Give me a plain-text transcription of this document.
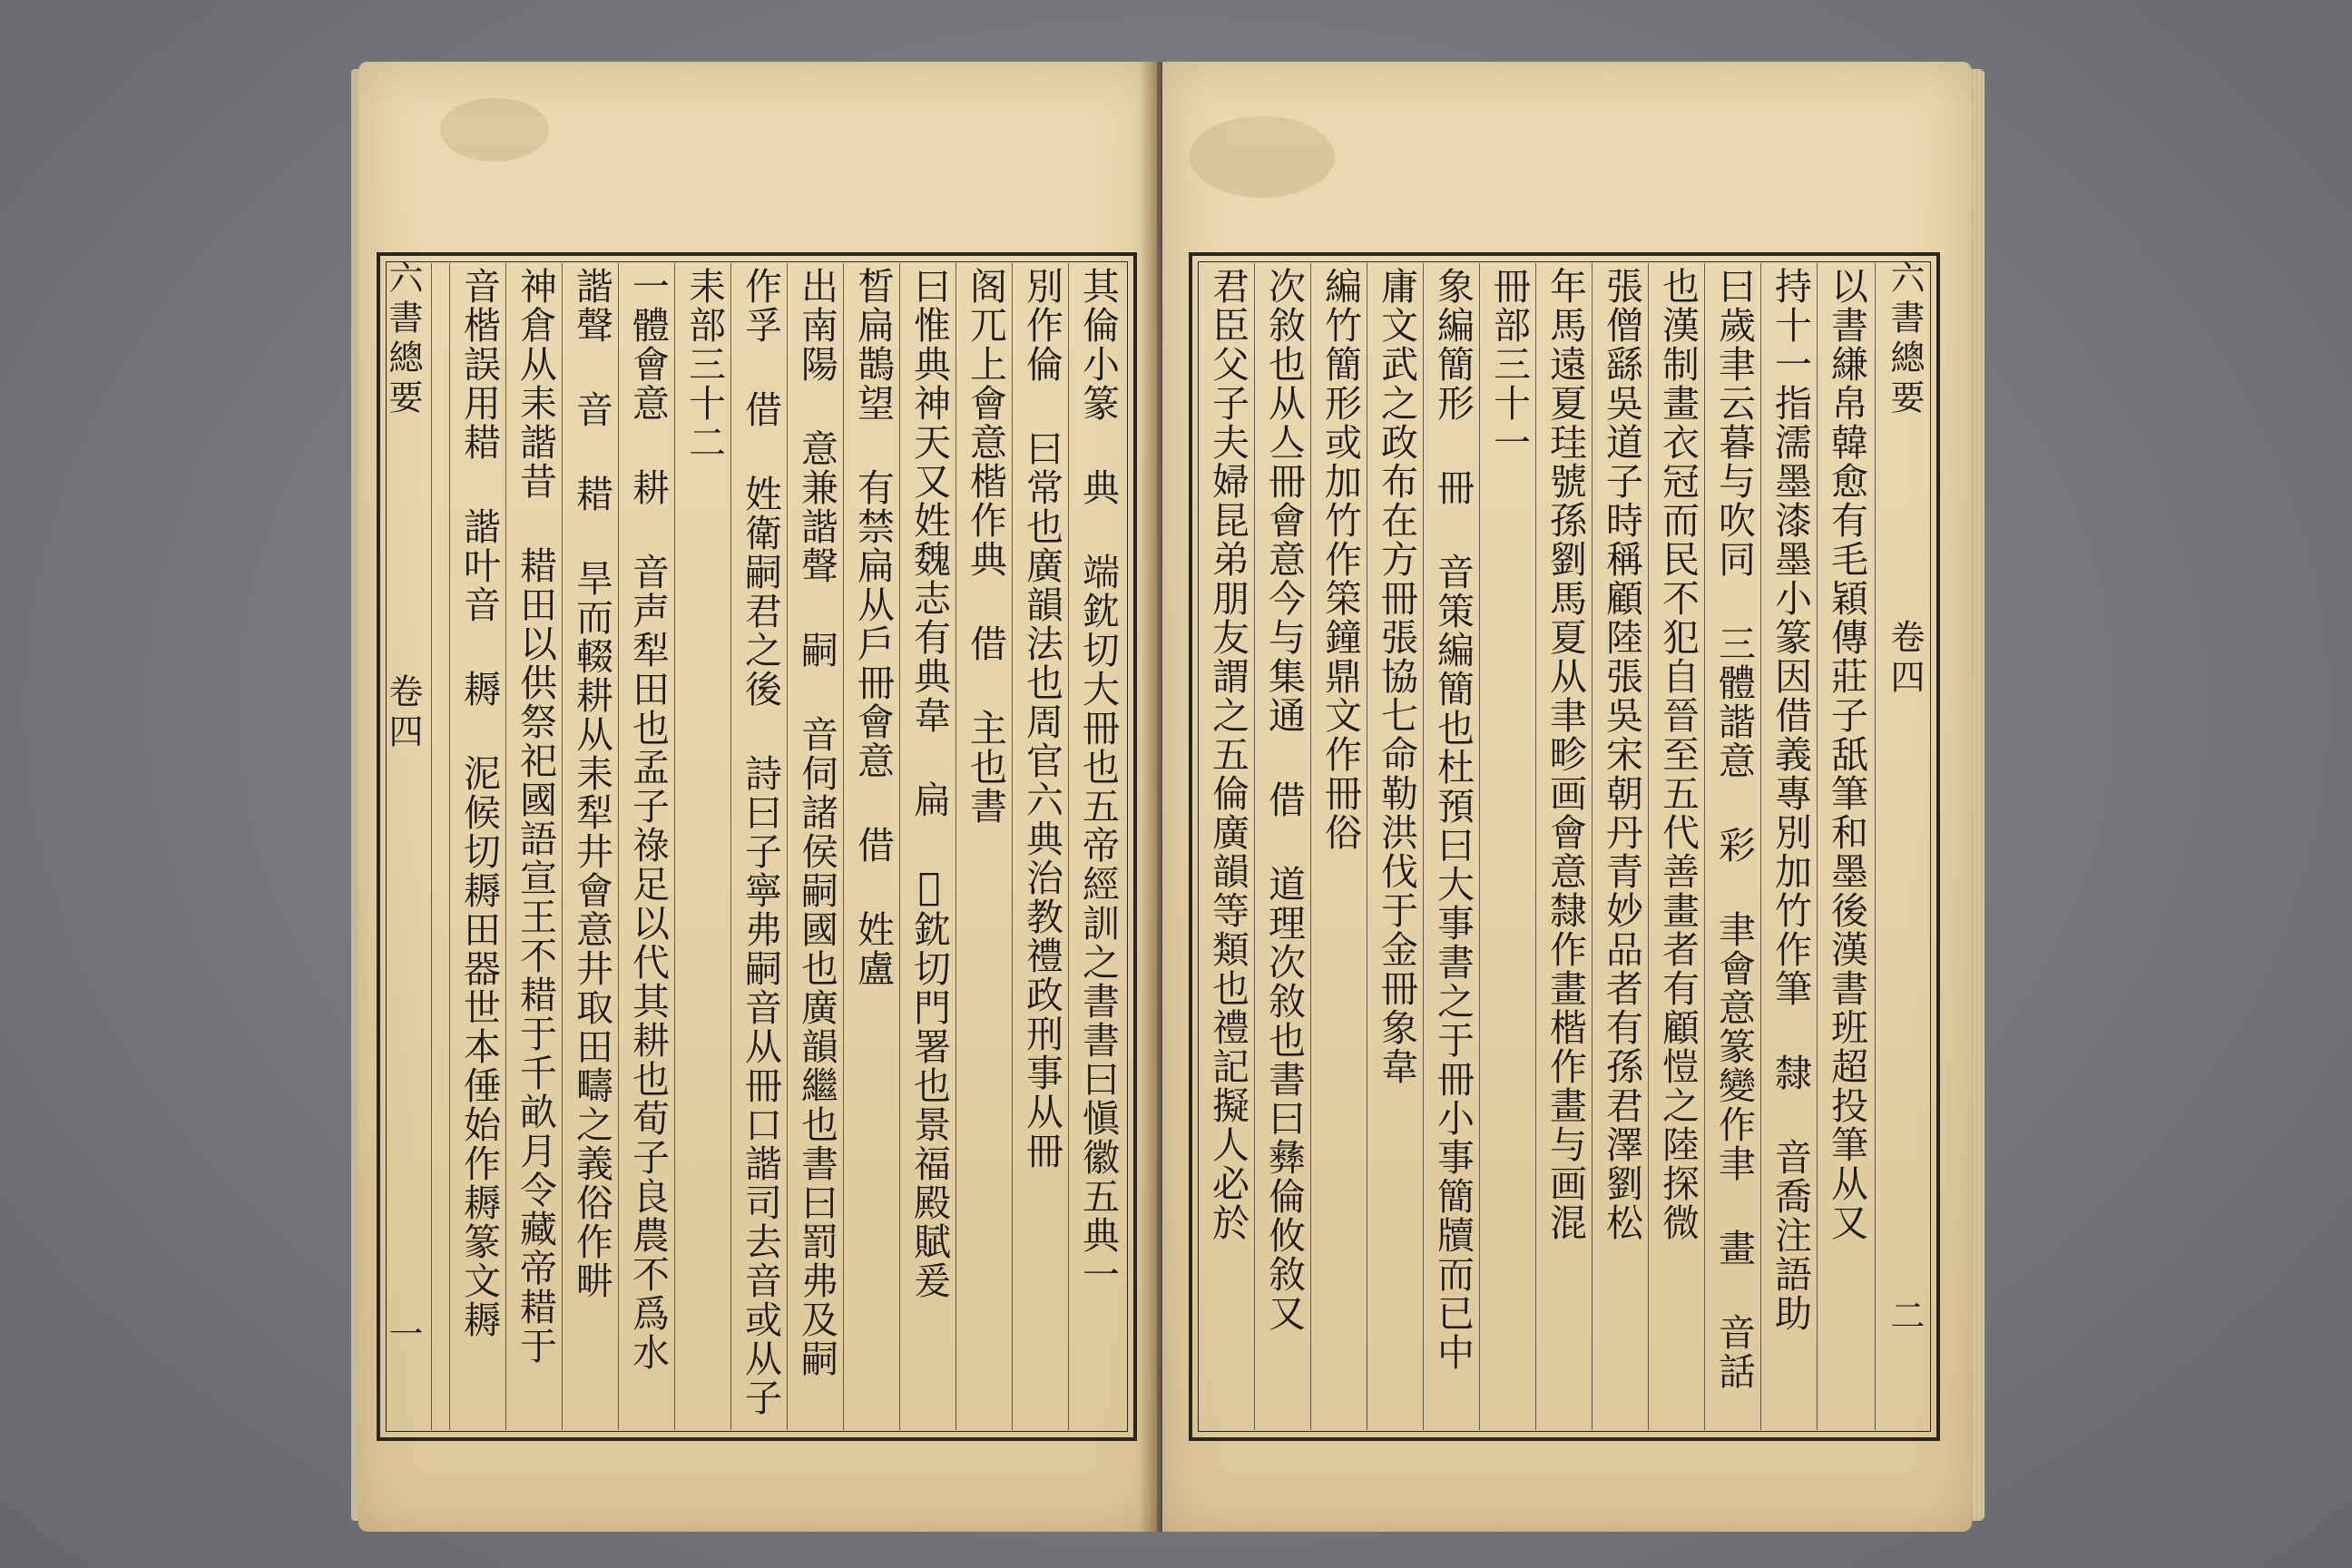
六書總要  卷四  一
其倫小篆 典 端鈂切大冊也五帝經訓之書書曰愼徽五典一
別作倫 曰常也廣韻法也周官六典治教禮政刑事从冊
阁兀上會意楷作典 借 主也書
曰惟典神天又姓魏志有典韋 扁 𢿍鈂切門署也景福殿賦爰
晳扁鵲望 有禁扁从戶冊會意 借 姓盧
出南陽 意兼諧聲 嗣 音伺諸侯嗣國也廣韻繼也書曰罰弗及嗣
作孚 借 姓衛嗣君之後 詩曰子寧弗嗣音从冊口諧司去音或从子
耒部三十二
一體會意 耕 音声犁田也孟子祿足以代其耕也荀子良農不爲水
諧聲 音 耤 旱而輟耕从耒犁井會意井取田疇之義俗作畊
神倉从耒諧昔 耤田以供祭祀國語宣王不耤于千畝月令藏帝耤于
音楷誤用耤 諧叶音 耨 泥候切耨田器世本倕始作耨篆文耨	六書總要  卷四  二
以書縑帛韓愈有毛穎傳莊子舐筆和墨後漢書班超投筆从又
持十一指濡墨漆墨小篆因借義專別加竹作筆 隸 音喬注語助
曰歲聿云暮与吹同 三體諧意 彩 聿會意篆變作聿 畫 音話
也漢制畫衣冠而民不犯自晉至五代善畫者有顧愷之陸探微
張僧繇吳道子時稱顧陸張吳宋朝丹青妙品者有孫君澤劉松
年馬遠夏珪號孫劉馬夏从聿畛画會意隸作畫楷作畫与画混
冊部三十一
象編簡形 冊 音策編簡也杜預曰大事書之于冊小事簡牘而已中
庸文武之政布在方冊張協七命勒洪伐于金冊象韋
編竹簡形或加竹作筞鐘鼎文作冊俗
次敘也从亼冊會意今与集通 借 道理次敘也書曰彝倫攸敘又
君臣父子夫婦昆弟朋友謂之五倫廣韻等類也禮記擬人必於
